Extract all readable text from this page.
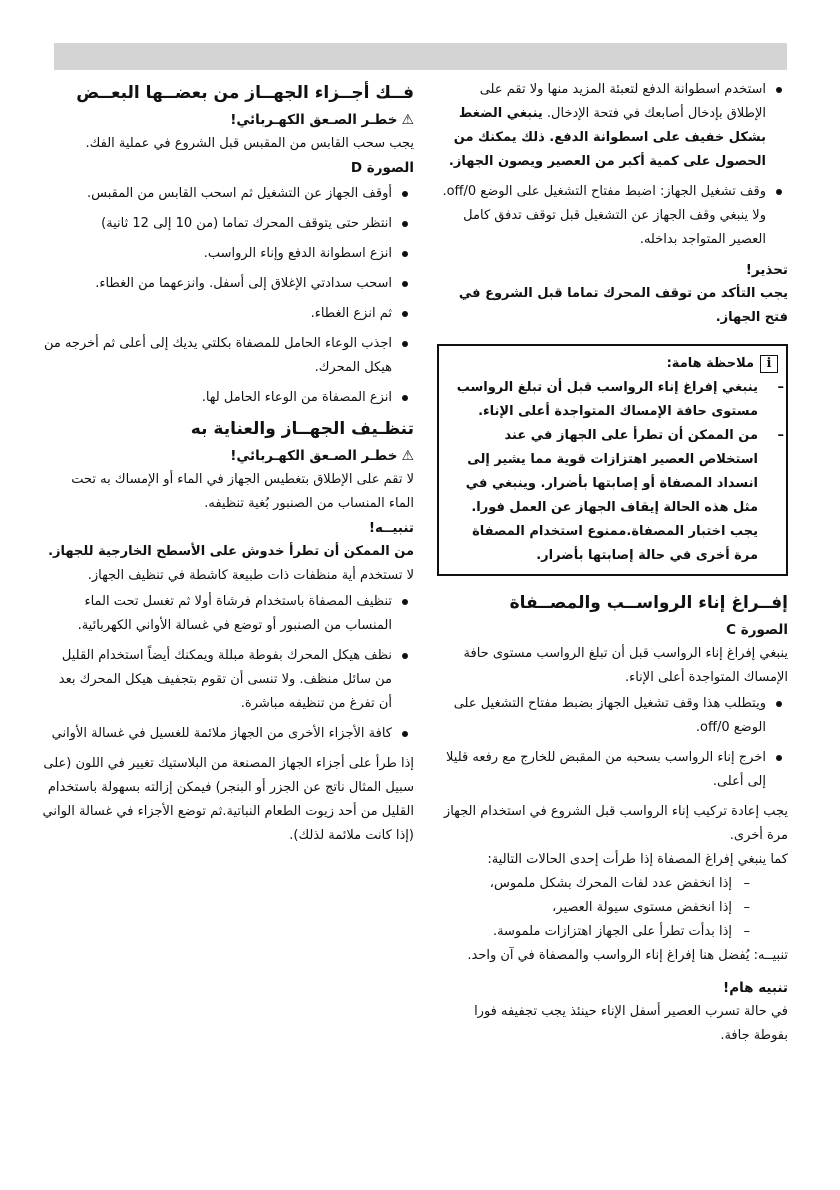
استخدم اسطوانة الدفع لتعبئة المزيد منها ولا تقم على الإطلاق بإدخال أصابعك في فتحة الإدخال. ينبغي الضغط بشكل خفيف على اسطوانة الدفع. ذلك يمكنك من الحصول على كمية أكبر من العصير ويصون الجهاز.
وقف تشغيل الجهاز: اضبط مفتاح التشغيل على الوضع off/0. ولا ينبغي وقف الجهاز عن التشغيل قبل توقف تدفق كامل العصير المتواجد بداخله.
تحذير!
يجب التأكد من توقف المحرك تماما قبل الشروع في فتح الجهاز.
i
ملاحظة هامة:
–
ينبغي إفراغ إناء الرواسب قبل أن تبلغ الرواسب مستوى حافة الإمساك المتواجدة أعلى الإناء.
–
من الممكن أن تطرأ على الجهاز في عند استخلاص العصير اهتزازات قوية مما يشير إلى انسداد المصفاة أو إصابتها بأضرار. وينبغي في مثل هذه الحالة إيقاف الجهاز عن العمل فورا. يجب اختبار المصفاة.ممنوع استخدام المصفاة مرة أخرى في حالة إصابتها بأضرار.
إفــراغ إناء الرواســب والمصــفاة
الصورة C

ينبغي إفراغ إناء الرواسب قبل أن تبلغ الرواسب مستوى حافة الإمساك المتواجدة أعلى الإناء.

ويتطلب هذا وقف تشغيل الجهاز بضبط مفتاح التشغيل على الوضع off/0.
اخرج إناء الرواسب بسحبه من المقبض للخارج مع رفعه قليلا إلى أعلى.

يجب إعادة تركيب إناء الرواسب قبل الشروع في استخدام الجهاز مرة أخرى.

كما ينبغي إفراغ المصفاة إذا طرأت إحدى الحالات التالية:

–
إذا انخفض عدد لفات المحرك بشكل ملموس،
–
إذا انخفض مستوى سيولة العصير،
–
إذا بدأت تطرأ على الجهاز اهتزازات ملموسة.

تنبيــه: يُفضل هنا إفراغ إناء الرواسب والمصفاة في آن واحد.

تنبيه هام!

في حالة تسرب العصير أسفل الإناء حينئذ يجب تجفيفه فورا بفوطة جافة.

فــك أجــزاء الجهــاز من بعضــها البعــض
⚠خطـر الصـعق الكهـربائي!

يجب سحب القابس من المقبس قبل الشروع في عملية الفك.

الصورة D
أوقف الجهاز عن التشغيل ثم اسحب القابس من المقبس.
انتظر حتى يتوقف المحرك تماما (من 10 إلى 12 ثانية)
انزع اسطوانة الدفع وإناء الرواسب.
اسحب سدادتي الإغلاق إلى أسفل. وانزعهما من الغطاء.
ثم انزع الغطاء.
اجذب الوعاء الحامل للمصفاة بكلتي يديك إلى أعلى ثم أخرجه من هيكل المحرك.
انزع المصفاة من الوعاء الحامل لها.
تنظـيف الجهــاز والعناية به
⚠خطـر الصـعق الكهـربائي!

لا تقم على الإطلاق بتغطيس الجهاز في الماء أو الإمساك به تحت الماء المنساب من الصنبور بُغية تنظيفه.

تنبيــه!
من الممكن أن تطرأ خدوش على الأسطح الخارجية للجهاز.

لا تستخدم أية منظفات ذات طبيعة كاشطة في تنظيف الجهاز.

تنظيف المصفاة باستخدام فرشاة أولا ثم تغسل تحت الماء المنساب من الصنبور أو توضع في غسالة الأواني الكهربائية.
نظف هيكل المحرك بفوطة مبللة ويمكنك أيضاً استخدام القليل من سائل منظف. ولا تنسى أن تقوم بتجفيف هيكل المحرك بعد أن تفرغ من تنظيفه مباشرة.
كافة الأجزاء الأخرى من الجهاز ملائمة للغسيل في غسالة الأواني

إذا طرأ على أجزاء الجهاز المصنعة من البلاستيك تغيير في اللون (على سبيل المثال ناتج عن الجزر أو البنجر) فيمكن إزالته بسهولة باستخدام القليل من أحد زيوت الطعام النباتية.ثم توضع الأجزاء في غسالة الواني (إذا كانت ملائمة لذلك).
